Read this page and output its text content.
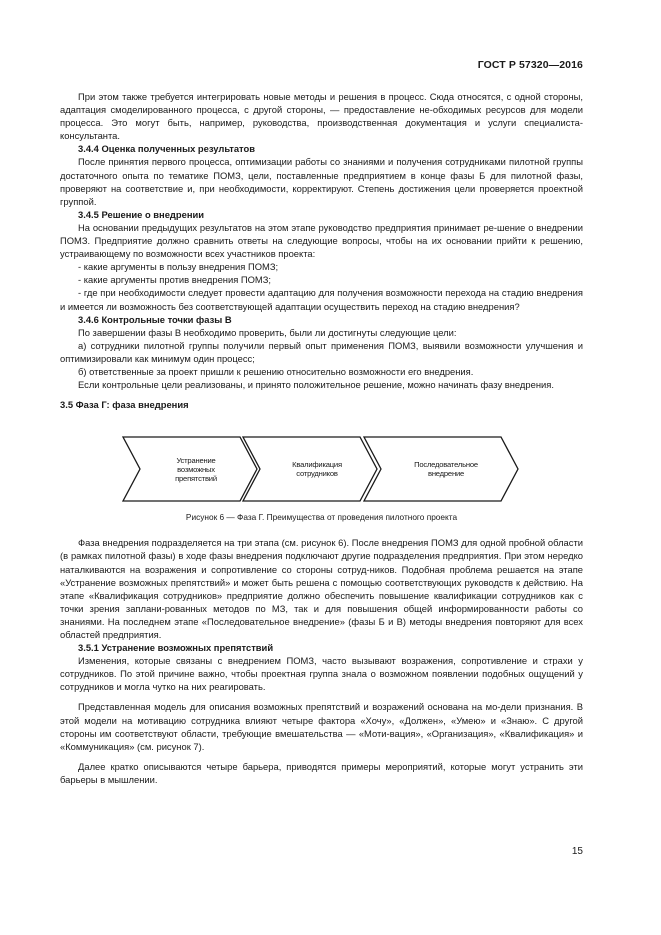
ГОСТ Р 57320—2016

При этом также требуется интегрировать новые методы и решения в процесс. Сюда относятся, с одной стороны, адаптация смоделированного процесса, с другой стороны, — предоставление не-обходимых ресурсов для модели процесса. Это могут быть, например, руководства, производственная документация и услуги специалиста-консультанта.

3.4.4 Оценка полученных результатов

После принятия первого процесса, оптимизации работы со знаниями и получения сотрудниками пилотной группы достаточного опыта по тематике ПОМЗ, цели, поставленные предприятием в конце фазы Б для пилотной фазы, проверяют на соответствие и, при необходимости, корректируют. Степень достижения цели проверяется проектной группой.

3.4.5 Решение о внедрении

На основании предыдущих результатов на этом этапе руководство предприятия принимает ре-шение о внедрении ПОМЗ. Предприятие должно сравнить ответы на следующие вопросы, чтобы на их основании прийти к решению, устраивающему по возможности всех участников проекта:

- какие аргументы в пользу внедрения ПОМЗ;

- какие аргументы против внедрения ПОМЗ;

- где при необходимости следует провести адаптацию для получения возможности перехода на стадию внедрения и имеется ли возможность без соответствующей адаптации осуществить переход на стадию внедрения?

3.4.6 Контрольные точки фазы В

По завершении фазы В необходимо проверить, были ли достигнуты следующие цели:

а) сотрудники пилотной группы получили первый опыт применения ПОМЗ, выявили возможности улучшения и оптимизировали как минимум один процесс;

б) ответственные за проект пришли к решению относительно возможности его внедрения.

Если контрольные цели реализованы, и принято положительное решение, можно начинать фазу внедрения.

3.5 Фаза Г: фаза внедрения
Устранение
возможных
препятствий
Квалификация
сотрудников
Последовательное
внедрение
Рисунок 6 — Фаза Г. Преимущества от проведения пилотного проекта

Фаза внедрения подразделяется на три этапа (см. рисунок 6). После внедрения ПОМЗ для одной пробной области (в рамках пилотной фазы) в ходе фазы внедрения подключают другие подразделения предприятия. При этом нередко наталкиваются на возражения и сопротивление со стороны сотруд-ников. Подобная проблема решается на этапе «Устранение возможных препятствий» и может быть решена с помощью соответствующих руководств к действию. На этапе «Квалификация сотрудников» предприятие должно обеспечить повышение квалификации сотрудников как с точки зрения заплани-рованных методов по МЗ, так и для повышения общей информированности работы со знаниями. На последнем этапе «Последовательное внедрение» (фазы Б и В) методы внедрения повторяют для всех областей предприятия.

3.5.1 Устранение возможных препятствий

Изменения, которые связаны с внедрением ПОМЗ, часто вызывают возражения, сопротивление и страхи у сотрудников. По этой причине важно, чтобы проектная группа знала о возможном появлении подобных ощущений у сотрудников и могла чутко на них реагировать.

Представленная модель для описания возможных препятствий и возражений основана на мо-дели признания. В этой модели на мотивацию сотрудника влияют четыре фактора «Хочу», «Должен», «Умею» и «Знаю». С другой стороны им соответствуют области, требующие вмешательства — «Моти-вация», «Организация», «Квалификация» и «Коммуникация» (см. рисунок 7).

Далее кратко описываются четыре барьера, приводятся примеры мероприятий, которые могут устранить эти барьеры в мышлении.

15
